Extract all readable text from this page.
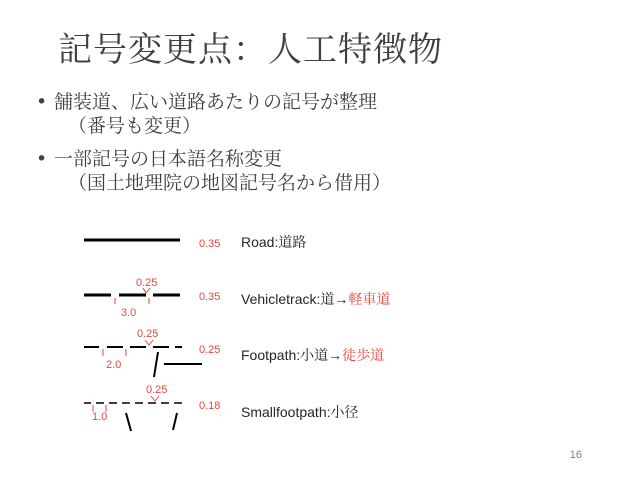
記号変更点：人工特徴物
• 舗装道、広い道路あたりの記号が整理
（番号も変更）
• 一部記号の日本語名称変更
（国土地理院の地図記号名から借用）
0.35
0.25
3.0
0.35
0.25
2.0
0.25
0.25
1.0
0.18
Road:道路
Vehicletrack:道→軽車道
Footpath:小道→徒歩道
Smallfootpath:小径
16
